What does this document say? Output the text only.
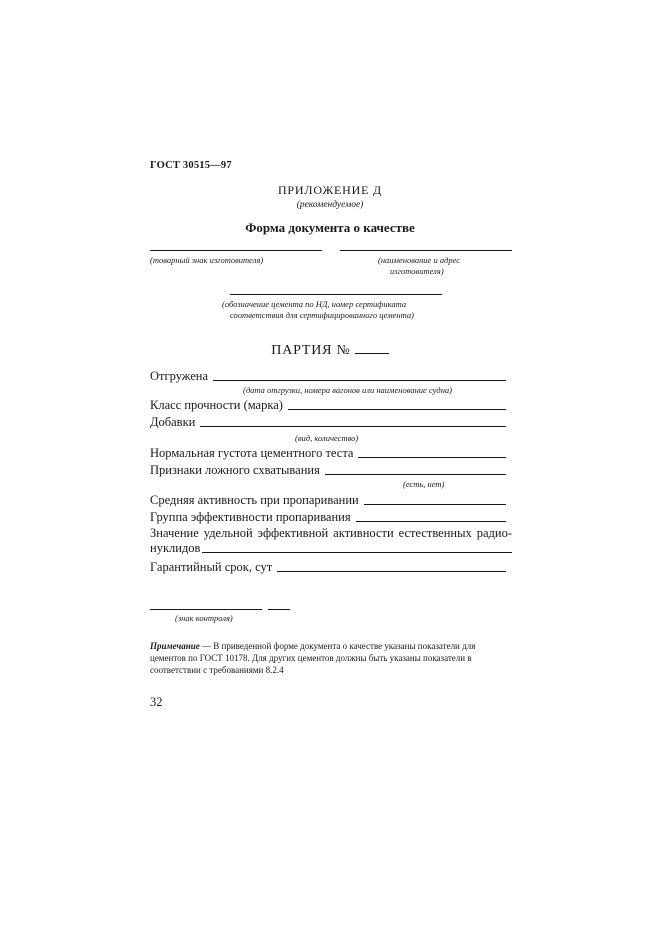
ГОСТ 30515—97
ПРИЛОЖЕНИЕ Д
(рекомендуемое)
Форма документа о качестве
(товарный знак изготовителя)	(наименование и адрес
изготовителя)
(обозначение цемента по НД, номер сертификата
соответствия для сертифицированного цемента)
ПАРТИЯ №
Отгружена
(дата отгрузки, номера вагонов или наименование судна)
Класс прочности (марка)
Добавки
(вид, количество)
Нормальная густота цементного теста
Признаки ложного схватывания
(есть, нет)
Средняя активность при пропаривании
Группа эффективности пропаривания
Значение удельной эффективной активности естественных радио-
нуклидов
Гарантийный срок, сут
(знак контроля)
Примечание — В приведенной форме документа о качестве указаны показатели для цементов по ГОСТ 10178. Для других цементов должны быть указаны показатели в соответствии с требованиями 8.2.4
32
